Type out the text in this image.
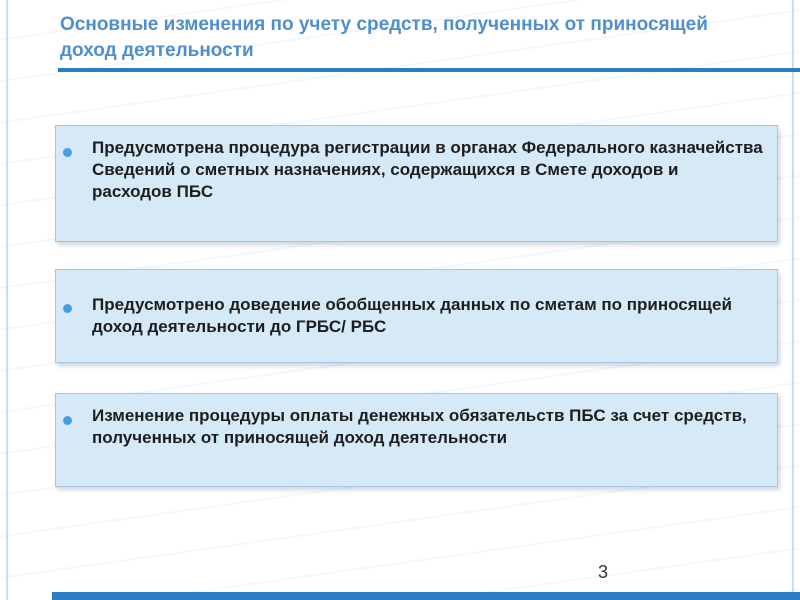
Основные изменения по учету средств, полученных от приносящей доход деятельности

Предусмотрена процедура регистрации в органах Федерального казначейства Сведений о сметных назначениях, содержащихся в Смете доходов и расходов ПБС

Предусмотрено доведение обобщенных данных по сметам по приносящей доход деятельности до ГРБС/ РБС

Изменение процедуры оплаты денежных обязательств ПБС за счет средств, полученных от приносящей доход деятельности

3
